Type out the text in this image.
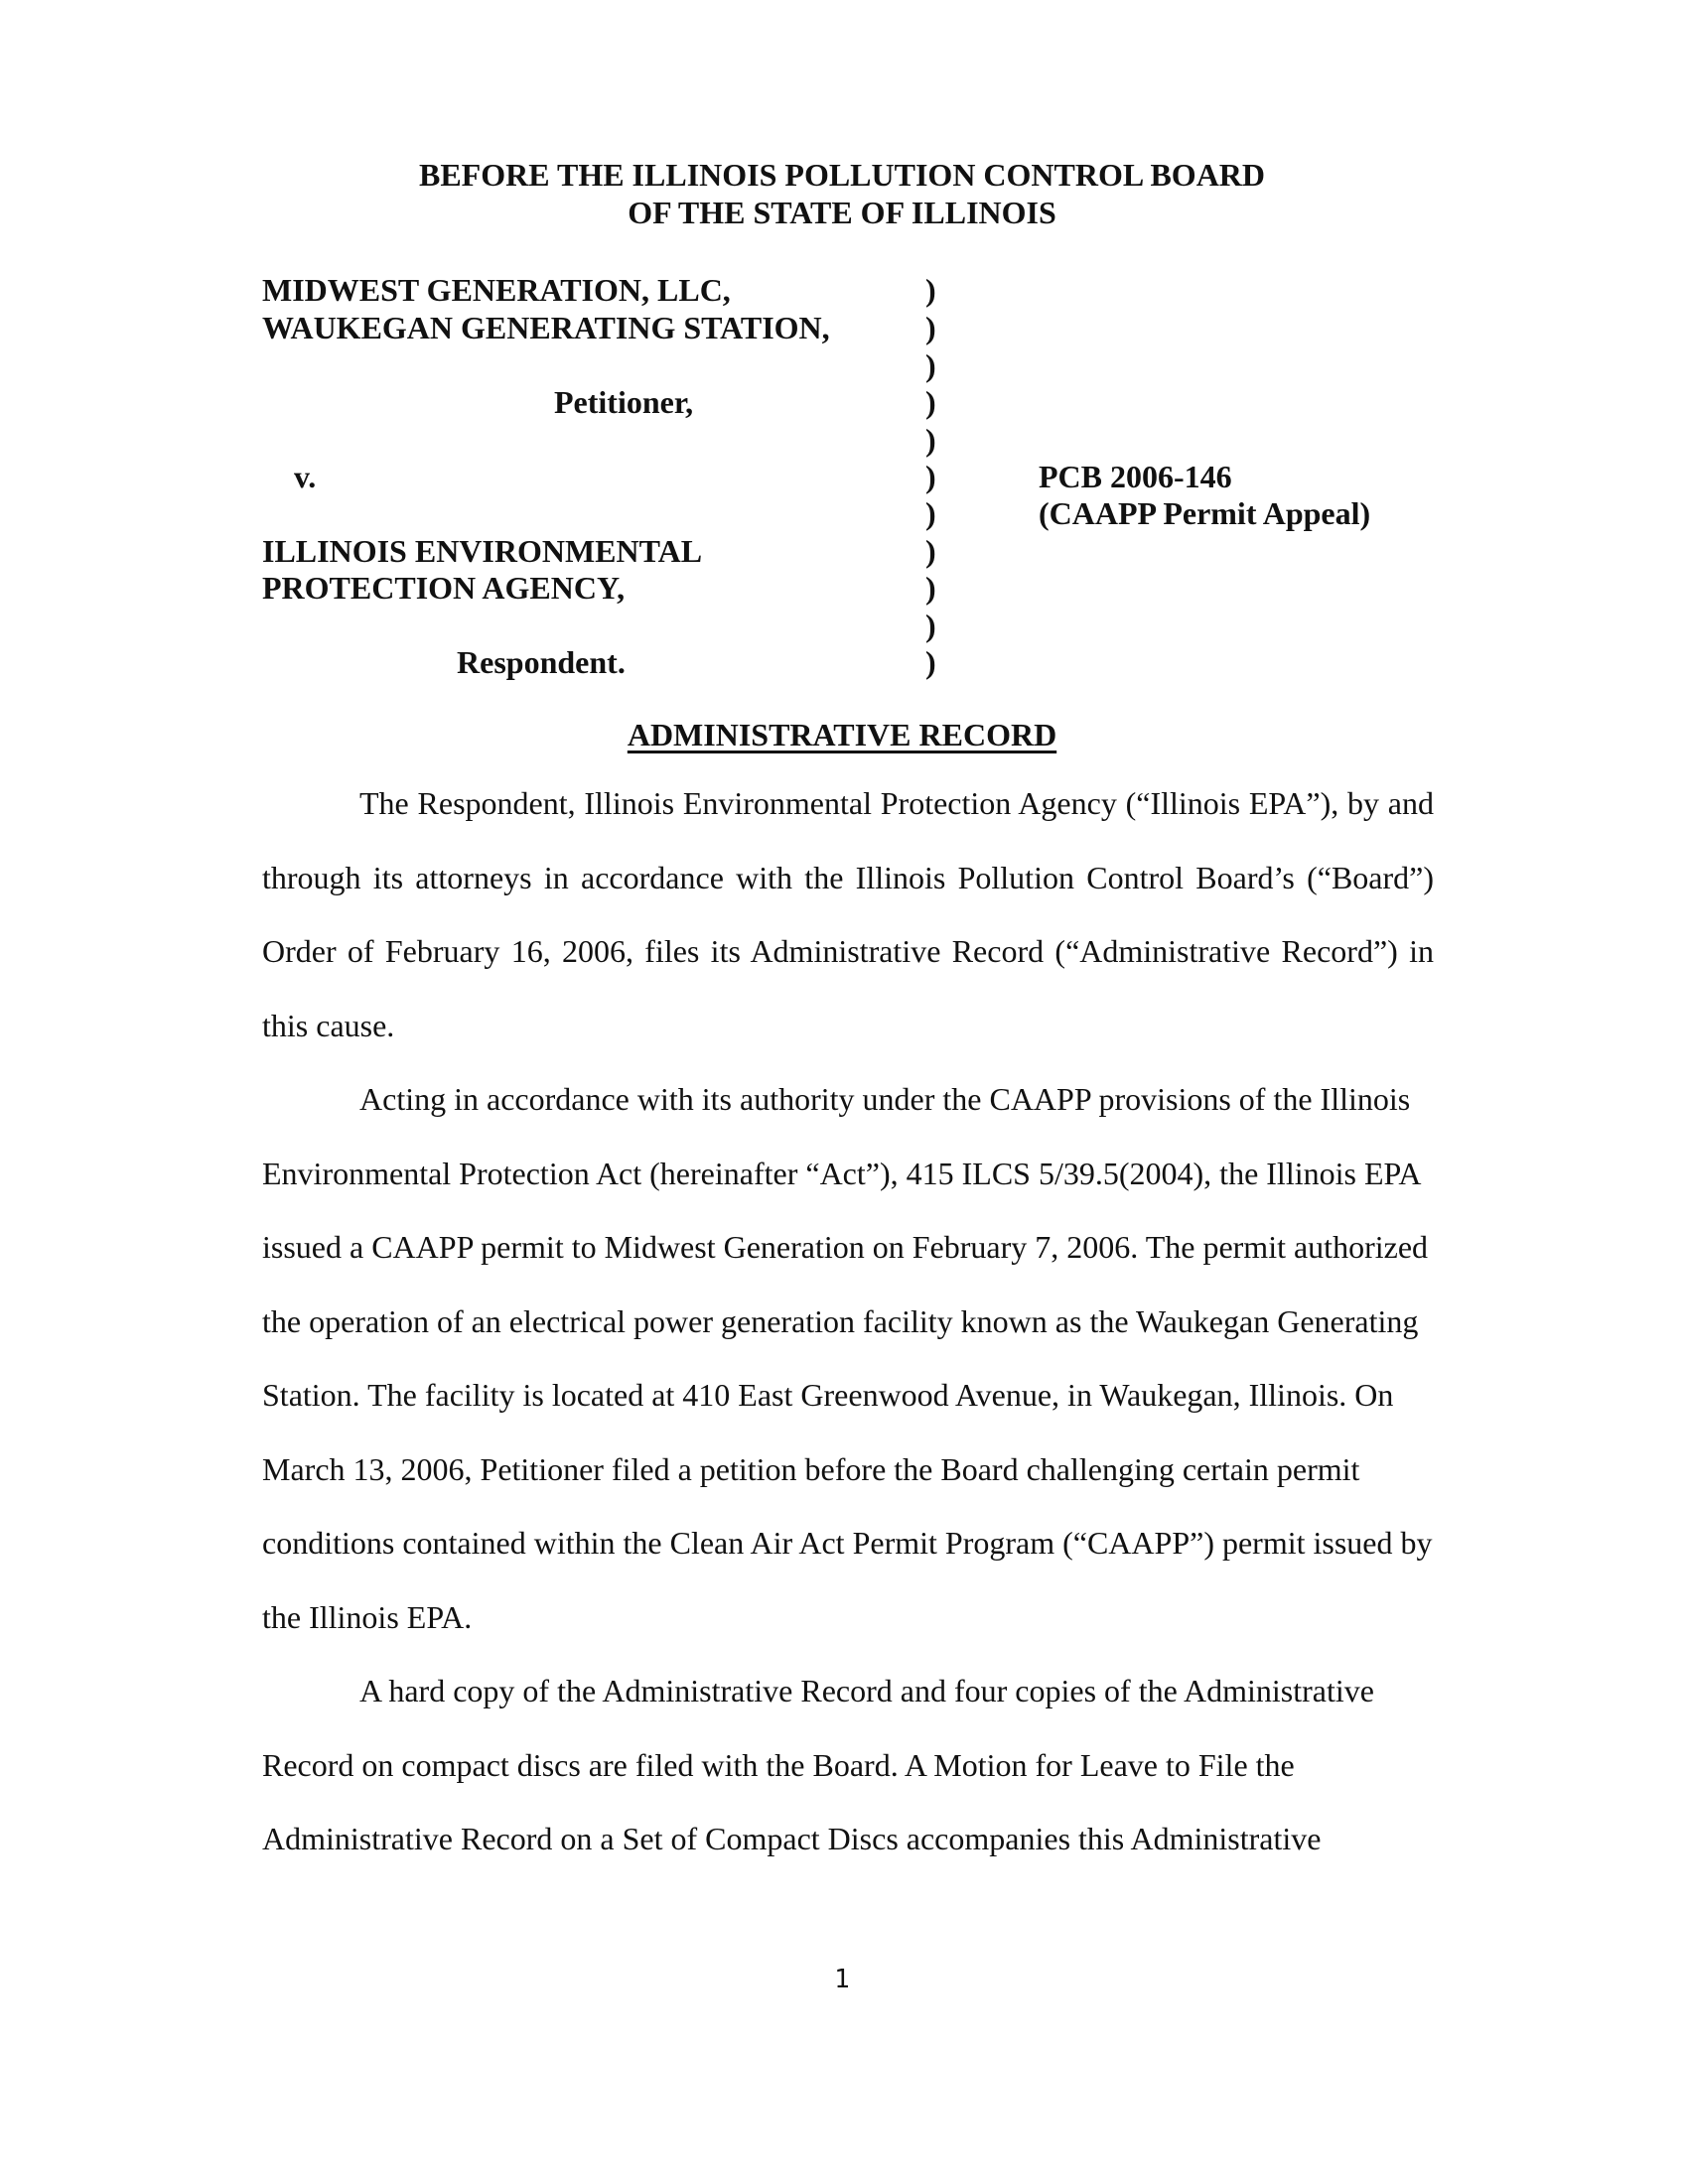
BEFORE THE ILLINOIS POLLUTION CONTROL BOARD
OF THE STATE OF ILLINOIS
MIDWEST GENERATION, LLC,
WAUKEGAN GENERATING STATION,
Petitioner,
v.
ILLINOIS ENVIRONMENTAL
PROTECTION AGENCY,
Respondent.
)
)
)
)
)
)
)
)
)
)
)
PCB 2006-146
(CAAPP Permit Appeal)
ADMINISTRATIVE RECORD

The Respondent, Illinois Environmental Protection Agency (“Illinois EPA”), by and through its attorneys in accordance with the Illinois Pollution Control Board’s (“Board”) Order of February 16, 2006, files its Administrative Record (“Administrative Record”) in this cause.

Acting in accordance with its authority under the CAAPP provisions of the Illinois Environmental Protection Act (hereinafter “Act”), 415 ILCS 5/39.5(2004), the Illinois EPA issued a CAAPP permit to Midwest Generation on February 7, 2006. The permit authorized the operation of an electrical power generation facility known as the Waukegan Generating Station. The facility is located at 410 East Greenwood Avenue, in Waukegan, Illinois. On March 13, 2006, Petitioner filed a petition before the Board challenging certain permit conditions contained within the Clean Air Act Permit Program (“CAAPP”) permit issued by the Illinois EPA.

A hard copy of the Administrative Record and four copies of the Administrative Record on compact discs are filed with the Board. A Motion for Leave to File the Administrative Record on a Set of Compact Discs accompanies this Administrative

1
